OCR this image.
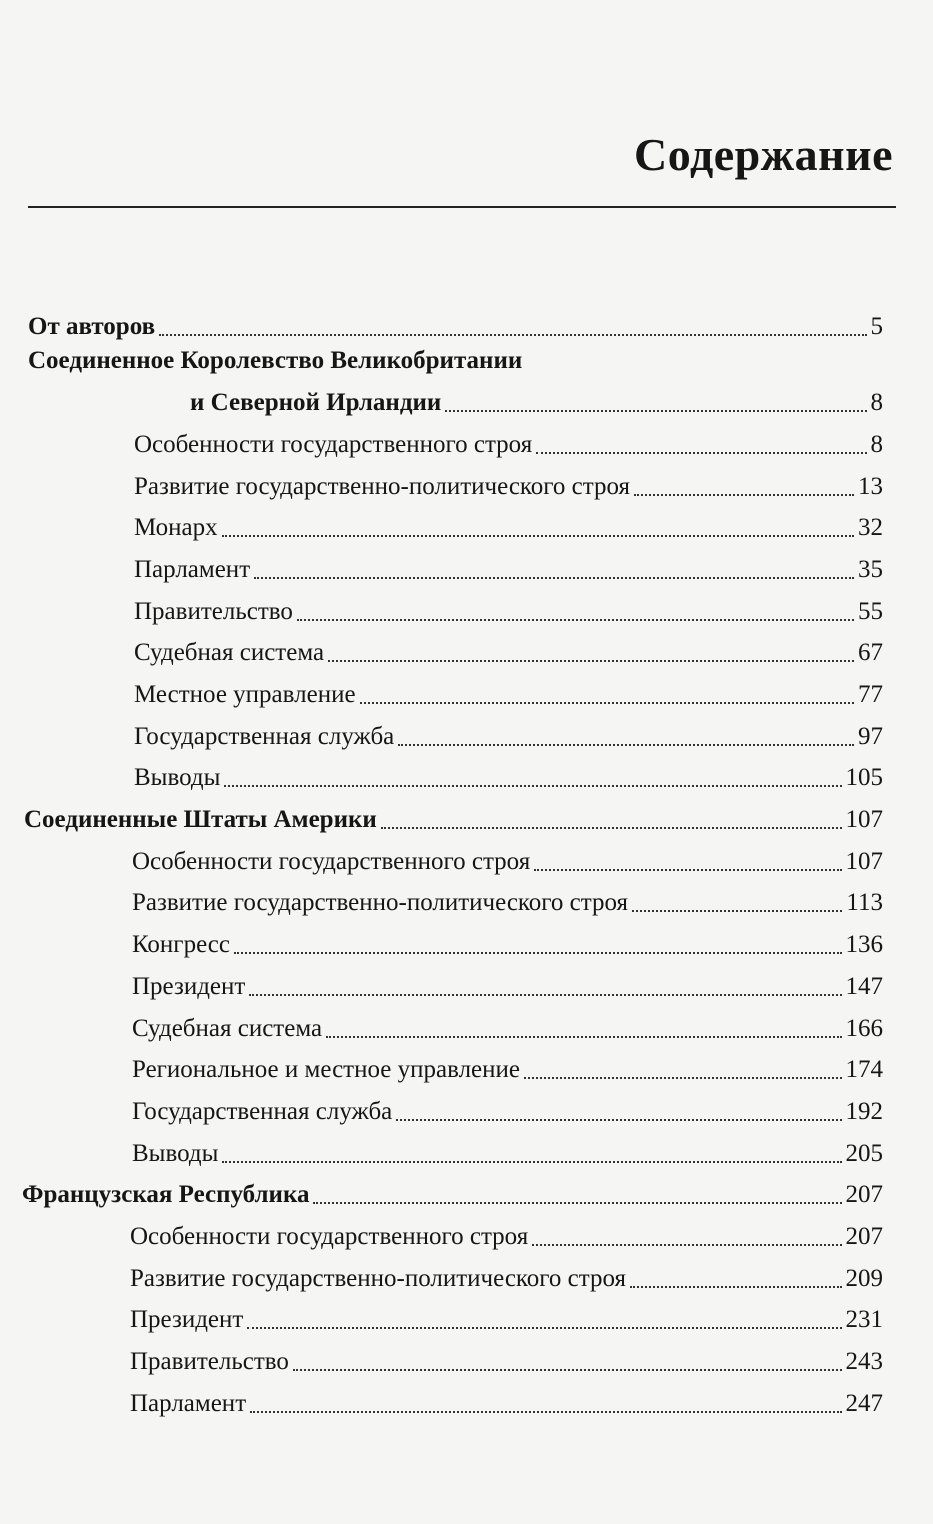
Содержание
От авторов	5
Соединенное Королевство Великобритании
и Северной Ирландии	8
Особенности государственного строя	8
Развитие государственно-политического строя	13
Монарх	32
Парламент	35
Правительство	55
Судебная система	67
Местное управление	77
Государственная служба	97
Выводы	105
Соединенные Штаты Америки	107
Особенности государственного строя	107
Развитие государственно-политического строя	113
Конгресс	136
Президент	147
Судебная система	166
Региональное и местное управление	174
Государственная служба	192
Выводы	205
Французская Республика	207
Особенности государственного строя	207
Развитие государственно-политического строя	209
Президент	231
Правительство	243
Парламент	247
